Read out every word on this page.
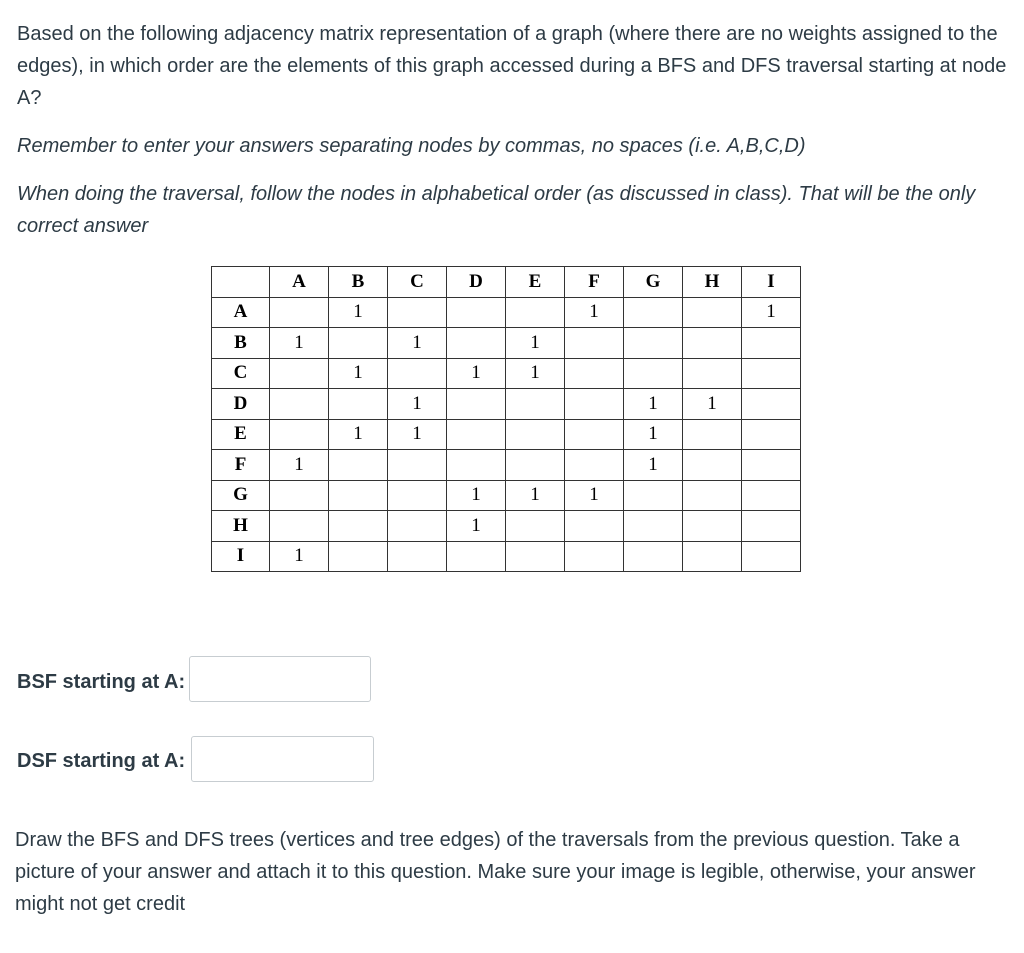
Based on the following adjacency matrix representation of a graph (where there are no weights assigned to the edges), in which order are the elements of this graph accessed during a BFS and DFS traversal starting at node A?

Remember to enter your answers separating nodes by commas, no spaces (i.e. A,B,C,D)

When doing the traversal, follow the nodes in alphabetical order (as discussed in class). That will be the only correct answer

	A	B	C	D	E	F	G	H	I
A		1				1			1
B	1		1		1				
C		1		1	1				
D			1				1	1	
E		1	1				1		
F	1						1		
G				1	1	1			
H				1					
I	1								

BSF starting at A:

DSF starting at A:

Draw the BFS and DFS trees (vertices and tree edges) of the traversals from the previous question. Take a picture of your answer and attach it to this question. Make sure your image is legible, otherwise, your answer might not get credit
